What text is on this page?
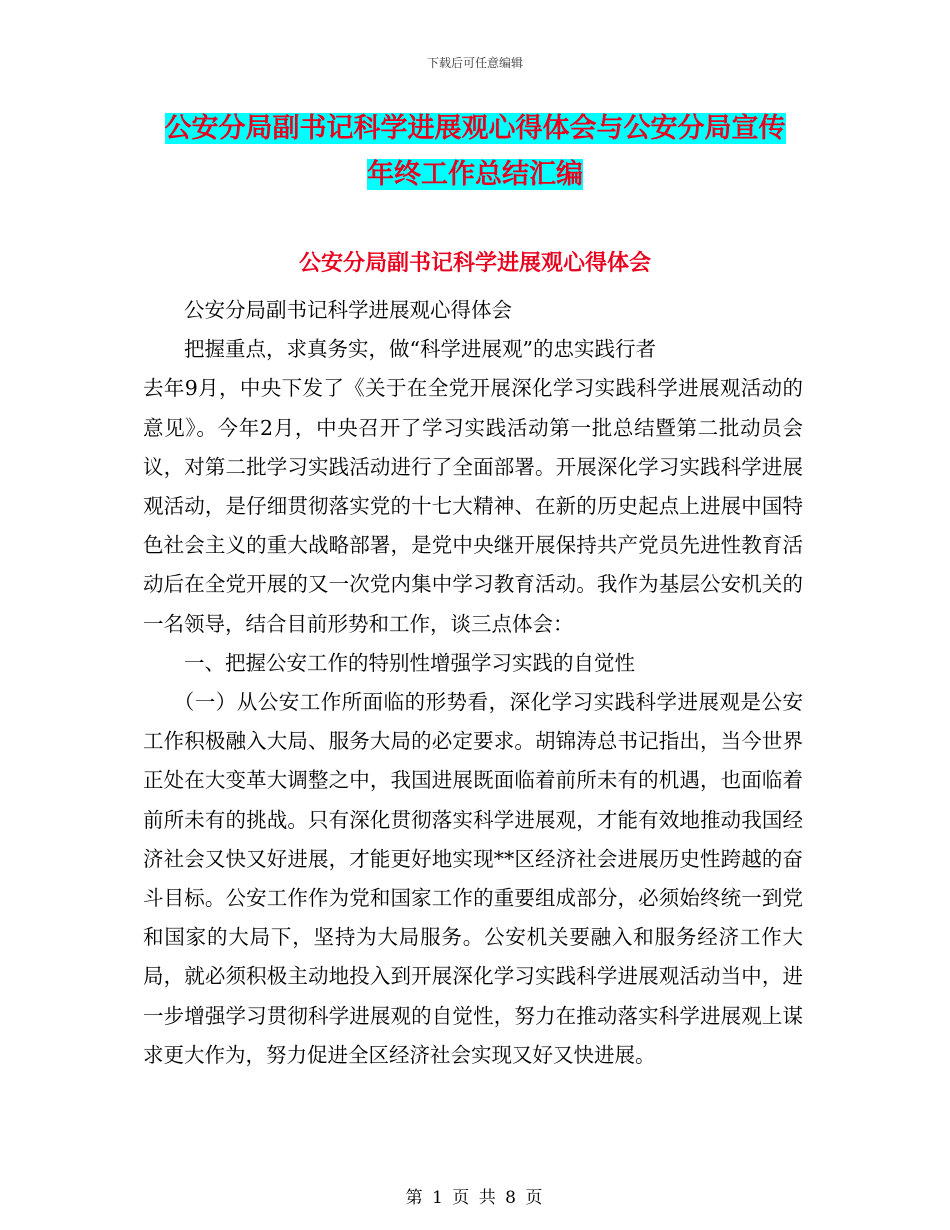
下载后可任意编辑
公安分局副书记科学进展观心得体会与公安分局宣传
年终工作总结汇编
公安分局副书记科学进展观心得体会

公安分局副书记科学进展观心得体会

把握重点，求真务实，做“科学进展观”的忠实践行者

去年9月，中央下发了《关于在全党开展深化学习实践科学进展观活动的意见》。今年2月，中央召开了学习实践活动第一批总结暨第二批动员会议，对第二批学习实践活动进行了全面部署。开展深化学习实践科学进展观活动，是仔细贯彻落实党的十七大精神、在新的历史起点上进展中国特色社会主义的重大战略部署，是党中央继开展保持共产党员先进性教育活动后在全党开展的又一次党内集中学习教育活动。我作为基层公安机关的一名领导，结合目前形势和工作，谈三点体会：

一、把握公安工作的特别性增强学习实践的自觉性

（一）从公安工作所面临的形势看，深化学习实践科学进展观是公安工作积极融入大局、服务大局的必定要求。胡锦涛总书记指出，当今世界正处在大变革大调整之中，我国进展既面临着前所未有的机遇，也面临着前所未有的挑战。只有深化贯彻落实科学进展观，才能有效地推动我国经济社会又快又好进展，才能更好地实现**区经济社会进展历史性跨越的奋斗目标。公安工作作为党和国家工作的重要组成部分，必须始终统一到党和国家的大局下，坚持为大局服务。公安机关要融入和服务经济工作大局，就必须积极主动地投入到开展深化学习实践科学进展观活动当中，进一步增强学习贯彻科学进展观的自觉性，努力在推动落实科学进展观上谋求更大作为，努力促进全区经济社会实现又好又快进展。

第 1 页 共 8 页
